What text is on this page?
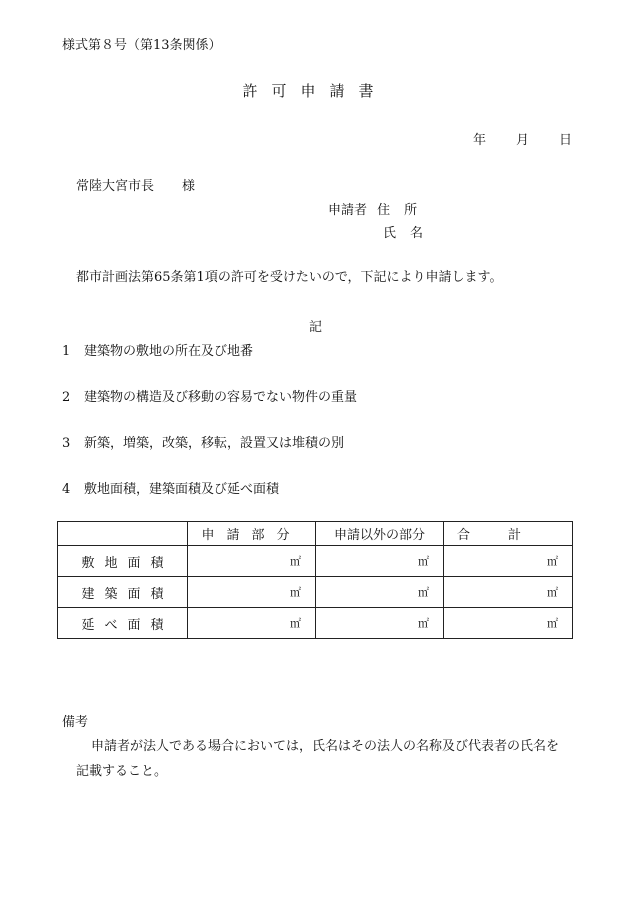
様式第８号（第13条関係）
許可申請書
年 月 日
常陸大宮市長 様
申請者 住所
氏名
都市計画法第65条第1項の許可を受けたいので，下記により申請します。
記
1 建築物の敷地の所在及び地番
2 建築物の構造及び移動の容易でない物件の重量
3 新築，増築，改築，移転，設置又は堆積の別
4 敷地面積，建築面積及び延べ面積
	申請部分	申請以外の部分	合計
敷地面積	㎡	㎡	㎡
建築面積	㎡	㎡	㎡
延べ面積	㎡	㎡	㎡
備考
申請者が法人である場合においては，氏名はその法人の名称及び代表者の氏名を
記載すること。
